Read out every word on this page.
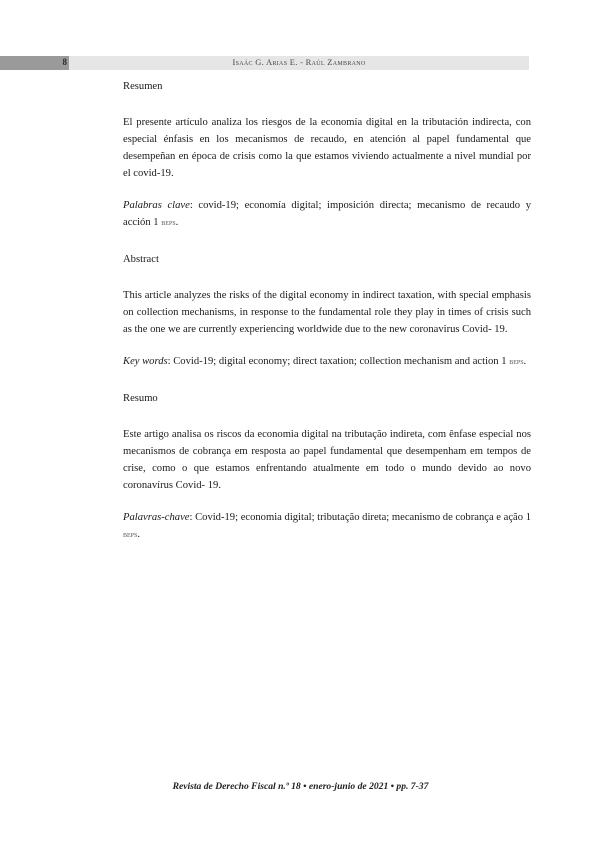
8	Isaác G. Arias E. - Raúl Zambrano
Resumen

El presente artículo analiza los riesgos de la economía digital en la tributación indirecta, con especial énfasis en los mecanismos de recaudo, en atención al papel fundamental que desempeñan en época de crisis como la que estamos viviendo actualmente a nivel mundial por el covid-19.

Palabras clave: covid-19; economía digital; imposición directa; mecanismo de recaudo y acción 1 beps.

Abstract

This article analyzes the risks of the digital economy in indirect taxation, with special emphasis on collection mechanisms, in response to the fundamental role they play in times of crisis such as the one we are currently experiencing worldwide due to the new coronavirus Covid- 19.

Key words: Covid-19; digital economy; direct taxation; collection mechanism and action 1 beps.

Resumo

Este artigo analisa os riscos da economia digital na tributação indireta, com ênfase especial nos mecanismos de cobrança em resposta ao papel fundamental que desempenham em tempos de crise, como o que estamos enfrentando atualmente em todo o mundo devido ao novo coronavírus Covid- 19.

Palavras-chave: Covid-19; economia digital; tributação direta; mecanismo de cobrança e ação 1 beps.

Revista de Derecho Fiscal n.º 18 • enero-junio de 2021 • pp. 7-37
